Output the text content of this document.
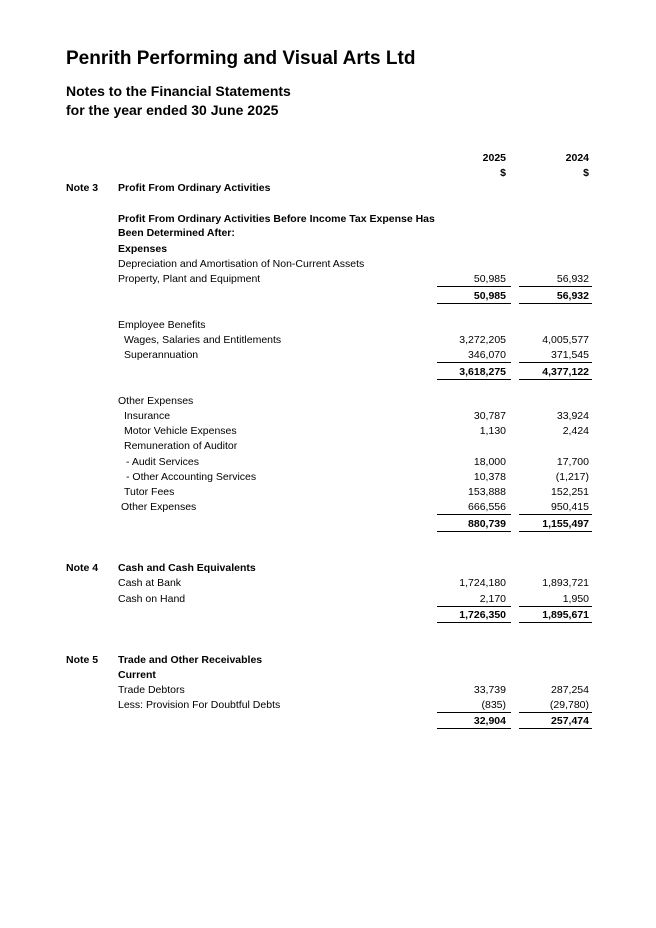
Penrith Performing and Visual Arts Ltd
Notes to the Financial Statements
for the year ended 30 June 2025
2025	2024
$	$
Note 3 Profit From Ordinary Activities
Profit From Ordinary Activities Before Income Tax Expense Has
Been Determined After:
Expenses
Depreciation and Amortisation of Non-Current Assets
Property, Plant and Equipment	50,985	56,932
50,985	56,932
Employee Benefits
Wages, Salaries and Entitlements	3,272,205	4,005,577
Superannuation	346,070	371,545
3,618,275	4,377,122
Other Expenses
Insurance	30,787	33,924
Motor Vehicle Expenses	1,130	2,424
Remuneration of Auditor
- Audit Services	18,000	17,700
- Other Accounting Services	10,378	(1,217)
Tutor Fees	153,888	152,251
Other Expenses	666,556	950,415
880,739	1,155,497
Note 4 Cash and Cash Equivalents
Cash at Bank	1,724,180	1,893,721
Cash on Hand	2,170	1,950
1,726,350	1,895,671
Note 5 Trade and Other Receivables
Current
Trade Debtors	33,739	287,254
Less: Provision For Doubtful Debts	(835)	(29,780)
32,904	257,474
